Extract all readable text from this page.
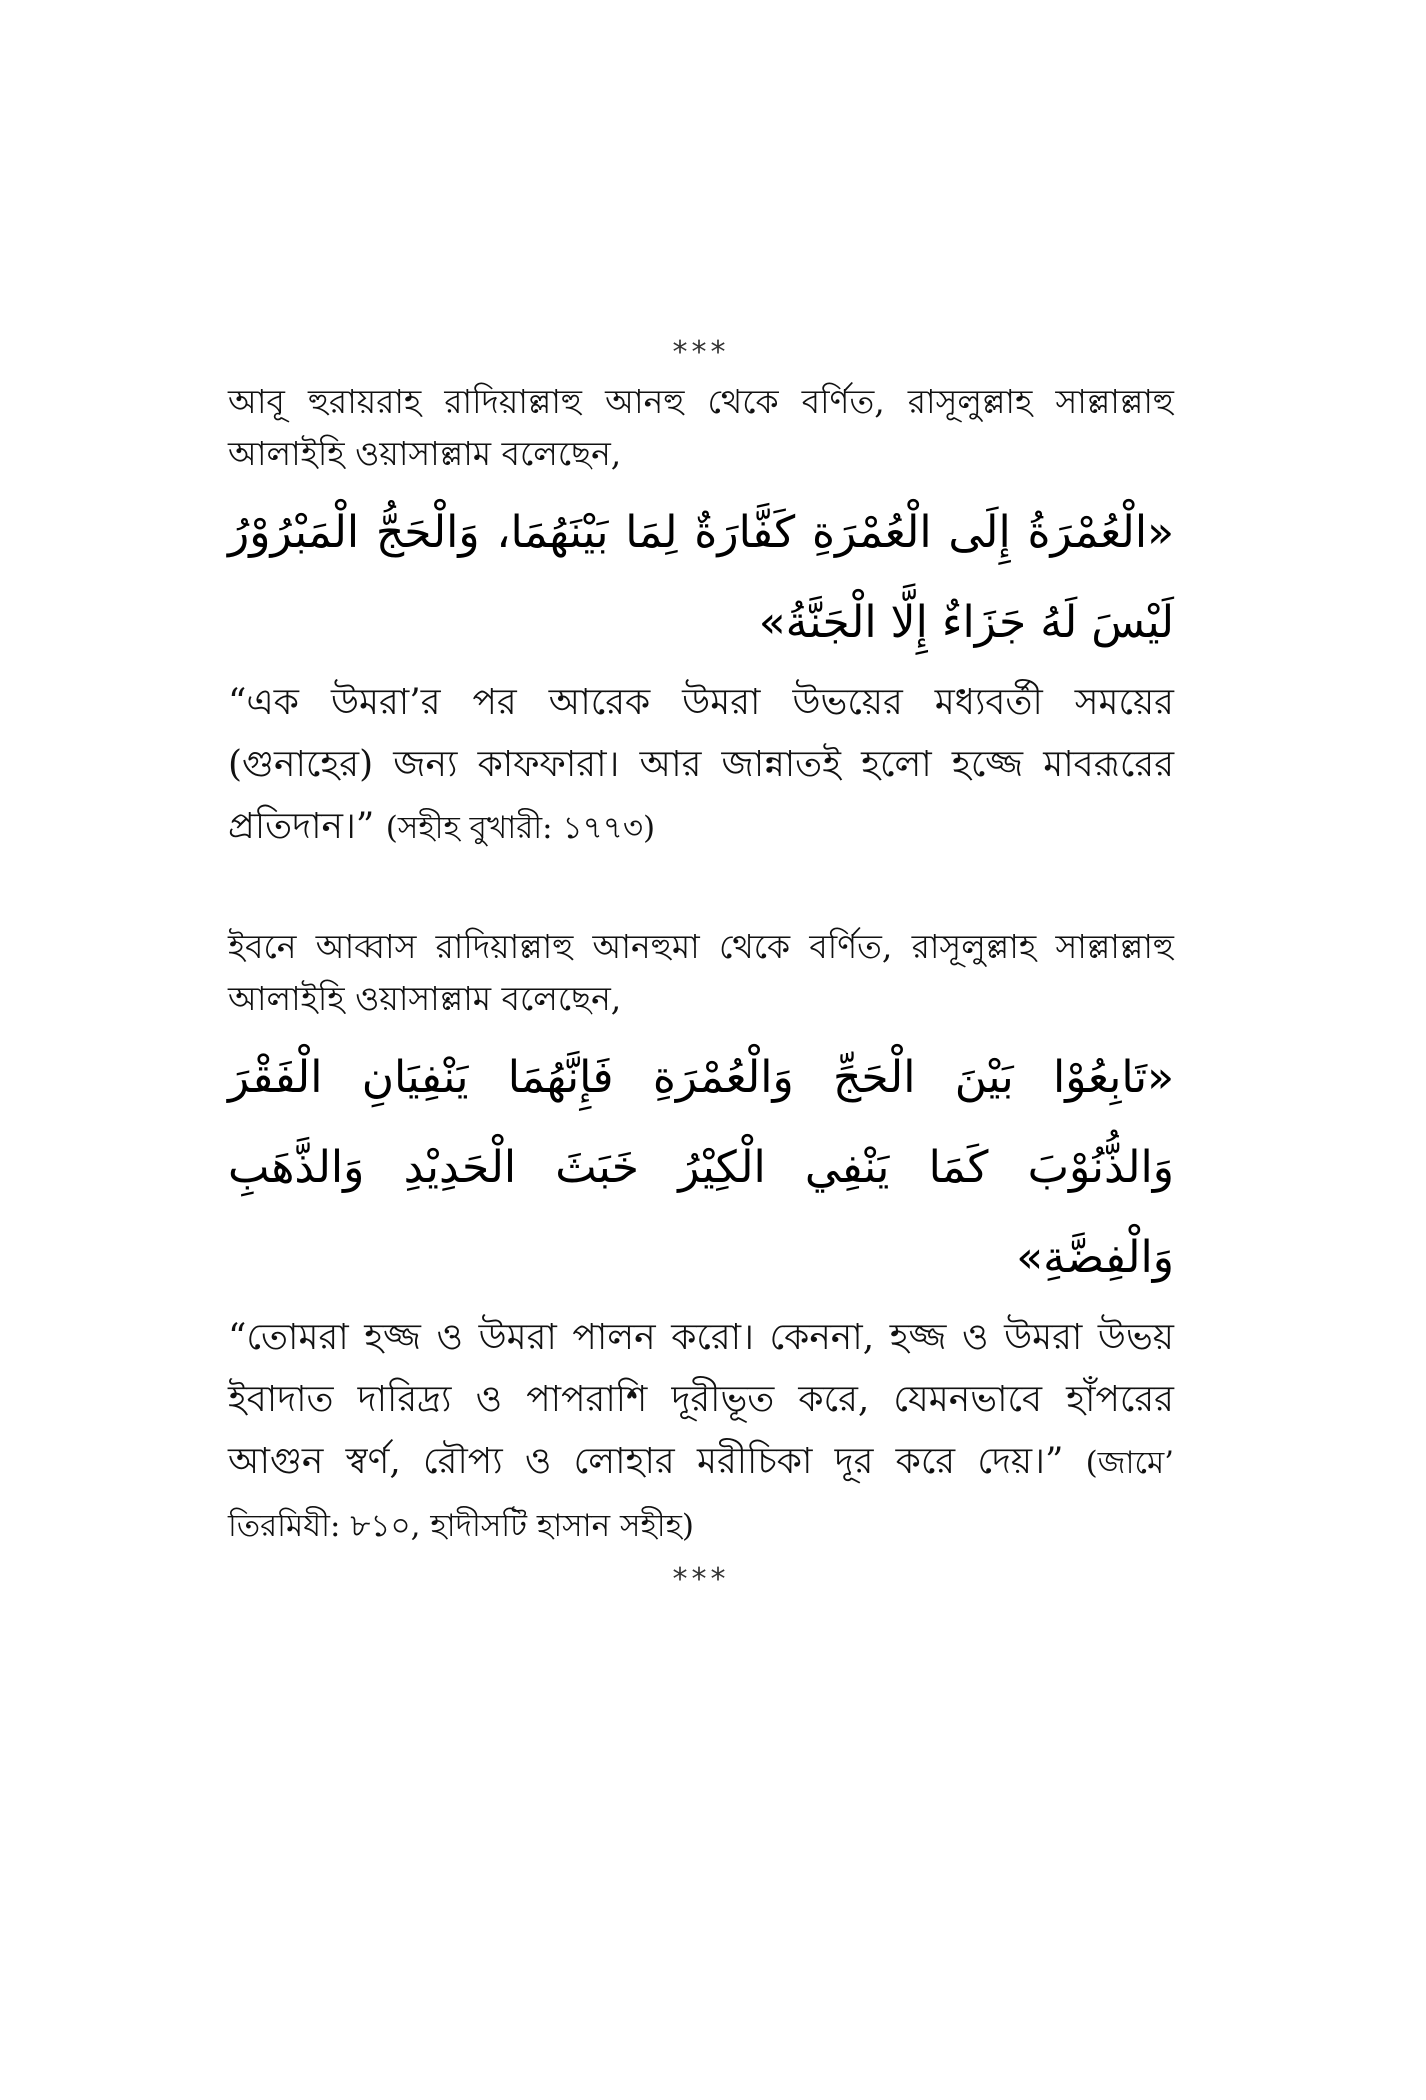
***

আবূ হুরায়রাহ রাদিয়াল্লাহু আনহু থেকে বর্ণিত, রাসূলুল্লাহ সাল্লাল্লাহু আলাইহি ওয়াসাল্লাম বলেছেন,

«الْعُمْرَةُ إِلَى الْعُمْرَةِ كَفَّارَةٌ لِمَا بَيْنَهُمَا، وَالْحَجُّ الْمَبْرُوْرُ لَيْسَ لَهُ جَزَاءٌ إِلَّا الْجَنَّةُ»

“এক উমরা’র পর আরেক উমরা উভয়ের মধ্যবর্তী সময়ের (গুনাহের) জন্য কাফফারা। আর জান্নাতই হলো হজ্জে মাবরূরের প্রতিদান।” (সহীহ বুখারী: ১৭৭৩)

ইবনে আব্বাস রাদিয়াল্লাহু আনহুমা থেকে বর্ণিত, রাসূলুল্লাহ সাল্লাল্লাহু আলাইহি ওয়াসাল্লাম বলেছেন,

«تَابِعُوْا بَيْنَ الْحَجِّ وَالْعُمْرَةِ فَإِنَّهُمَا يَنْفِيَانِ الْفَقْرَ وَالذُّنُوْبَ كَمَا يَنْفِي الْكِيْرُ خَبَثَ الْحَدِيْدِ وَالذَّهَبِ وَالْفِضَّةِ»

“তোমরা হজ্জ ও উমরা পালন করো। কেননা, হজ্জ ও উমরা উভয় ইবাদাত দারিদ্র্য ও পাপরাশি দূরীভূত করে, যেমনভাবে হাঁপরের আগুন স্বর্ণ, রৌপ্য ও লোহার মরীচিকা দূর করে দেয়।” (জামে’ তিরমিযী: ৮১০, হাদীসটি হাসান সহীহ)

***
